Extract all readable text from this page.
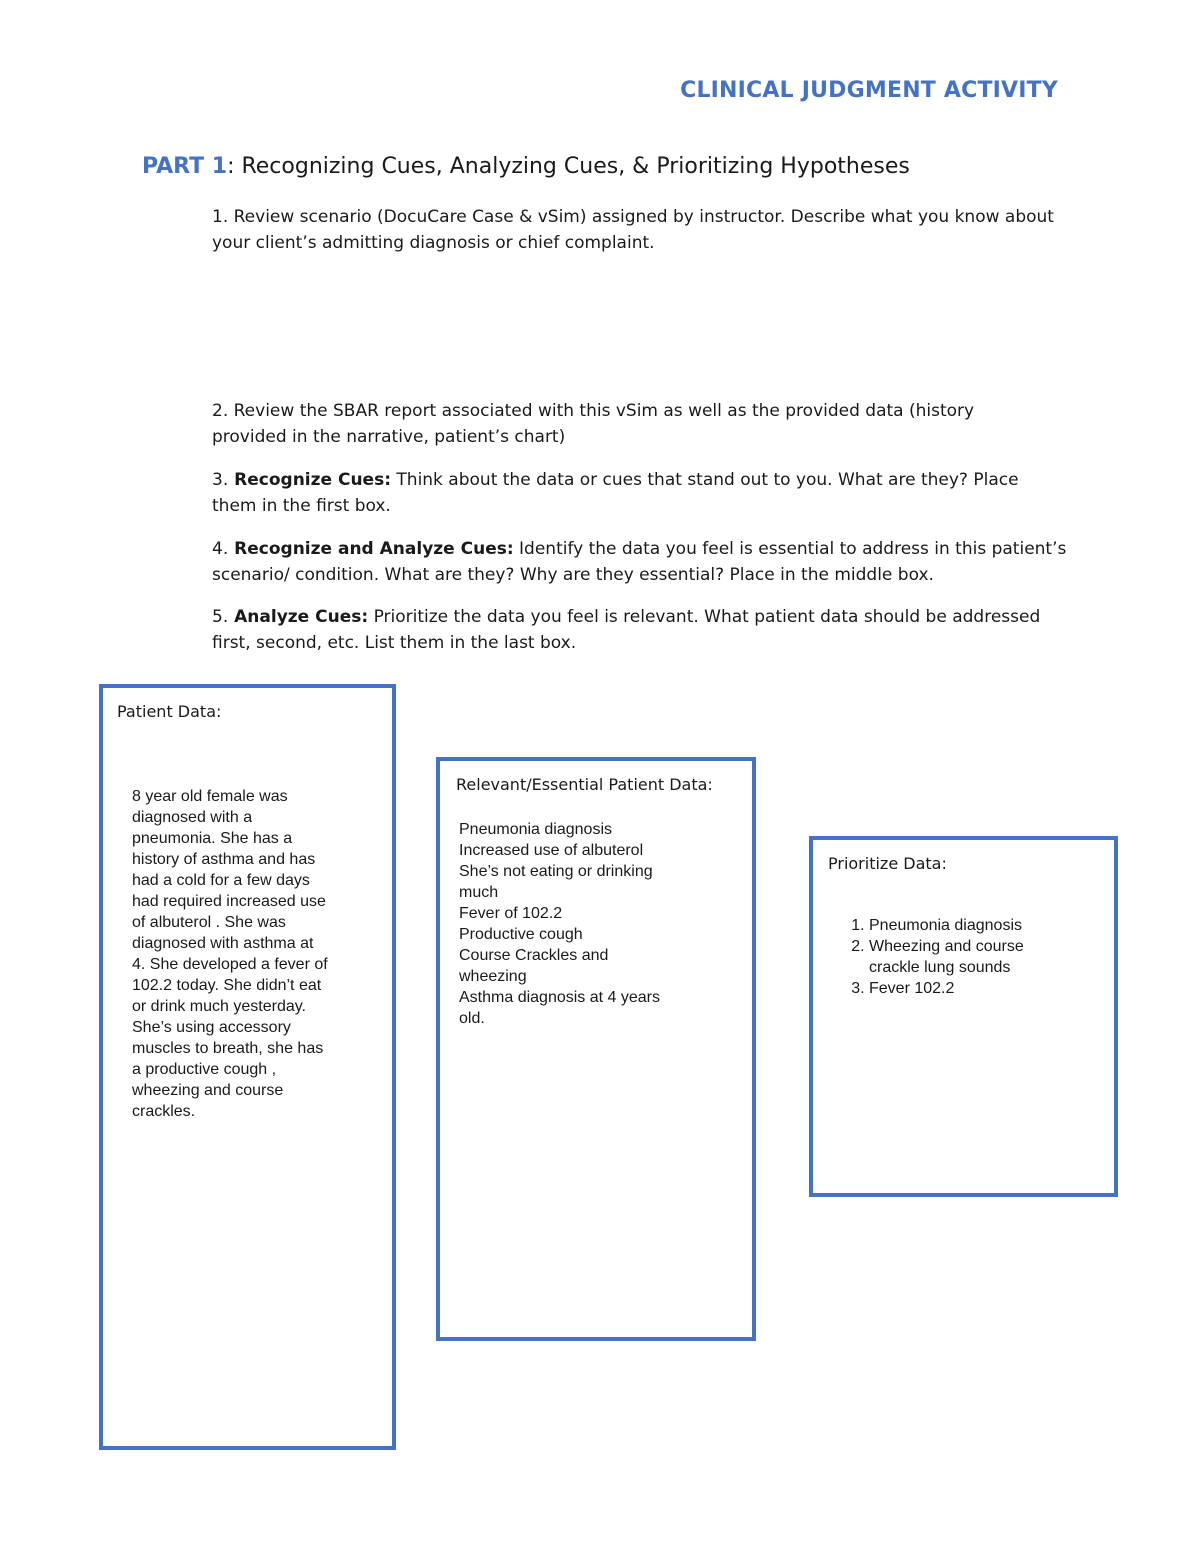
CLINICAL JUDGMENT ACTIVITY
PART 1: Recognizing Cues, Analyzing Cues, & Prioritizing Hypotheses
1. Review scenario (DocuCare Case & vSim) assigned by instructor. Describe what you know about your client’s admitting diagnosis or chief complaint.
2. Review the SBAR report associated with this vSim as well as the provided data (history provided in the narrative, patient’s chart)
3. Recognize Cues: Think about the data or cues that stand out to you. What are they? Place them in the first box.
4. Recognize and Analyze Cues: Identify the data you feel is essential to address in this patient’s scenario/ condition. What are they? Why are they essential? Place in the middle box.
5. Analyze Cues: Prioritize the data you feel is relevant. What patient data should be addressed first, second, etc. List them in the last box.
Patient Data:
8 year old female was
diagnosed with a
pneumonia. She has a
history of asthma and has
had a cold for a few days
had required increased use
of albuterol . She was
diagnosed with asthma at
4. She developed a fever of
102.2 today. She didn’t eat
or drink much yesterday.
She’s using accessory
muscles to breath, she has
a productive cough ,
wheezing and course
crackles.
Relevant/Essential Patient Data:
Pneumonia diagnosis
Increased use of albuterol
She’s not eating or drinking
much
Fever of 102.2
Productive cough
Course Crackles and
wheezing
Asthma diagnosis at 4 years
old.
Prioritize Data:
1. Pneumonia diagnosis
2. Wheezing and course crackle lung sounds
3. Fever 102.2
